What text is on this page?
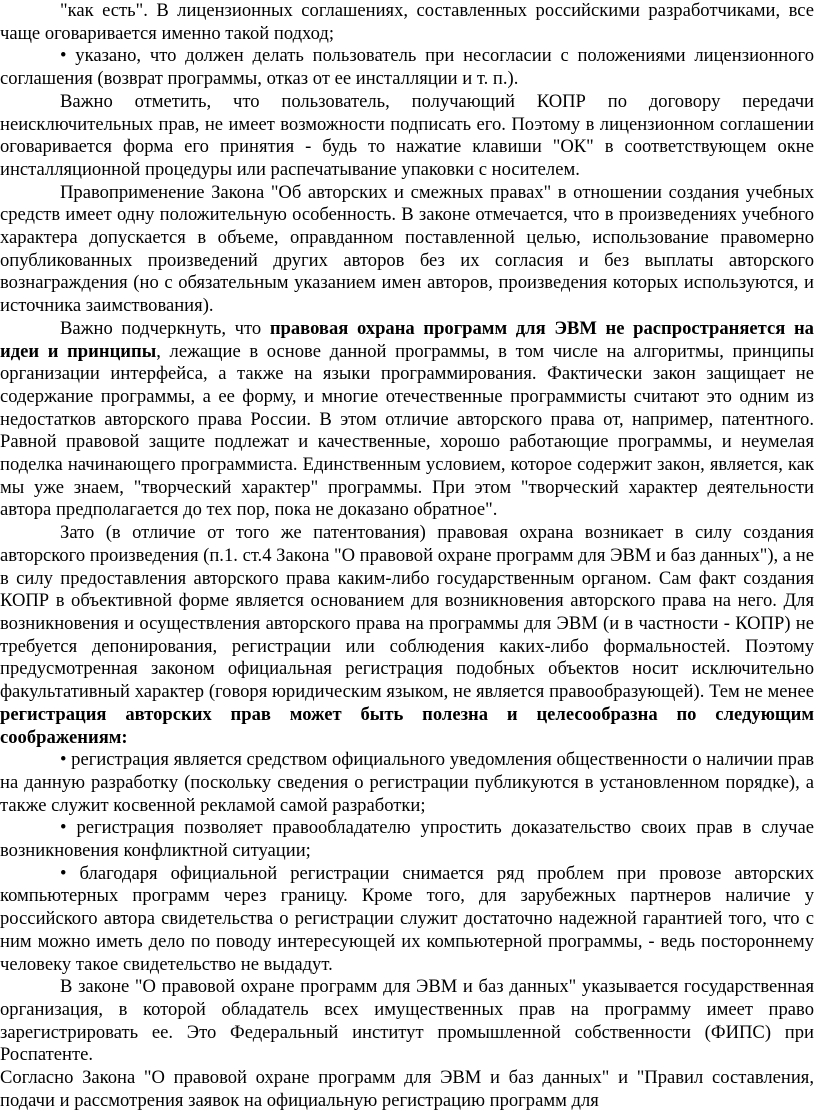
"как есть". В лицензионных соглашениях, составленных российскими разработчиками, все чаще оговаривается именно такой подход;

• указано, что должен делать пользователь при несогласии с положениями лицензионного соглашения (возврат программы, отказ от ее инсталляции и т. п.).

Важно отметить, что пользователь, получающий КОПР по договору передачи неисключительных прав, не имеет возможности подписать его. Поэтому в лицензионном соглашении оговаривается форма его принятия - будь то нажатие клавиши "ОК" в соответствующем окне инсталляционной процедуры или распечатывание упаковки с носителем.

Правоприменение Закона "Об авторских и смежных правах" в отношении создания учебных средств имеет одну положительную особенность. В законе отмечается, что в произведениях учебного характера допускается в объеме, оправданном поставленной целью, использование правомерно опубликованных произведений других авторов без их согласия и без выплаты авторского вознаграждения (но с обязательным указанием имен авторов, произведения которых используются, и источника заимствования).

Важно подчеркнуть, что правовая охрана программ для ЭВМ не распространяется на идеи и принципы, лежащие в основе данной программы, в том числе на алгоритмы, принципы организации интерфейса, а также на языки программирования. Фактически закон защищает не содержание программы, а ее форму, и многие отечественные программисты считают это одним из недостатков авторского права России. В этом отличие авторского права от, например, патентного. Равной правовой защите подлежат и качественные, хорошо работающие программы, и неумелая поделка начинающего программиста. Единственным условием, которое содержит закон, является, как мы уже знаем, "творческий характер" программы. При этом "творческий характер деятельности автора предполагается до тех пор, пока не доказано обратное".

Зато (в отличие от того же патентования) правовая охрана возникает в силу создания авторского произведения (п.1. ст.4 Закона "О правовой охране программ для ЭВМ и баз данных"), а не в силу предоставления авторского права каким-либо государственным органом. Сам факт создания КОПР в объективной форме является основанием для возникновения авторского права на него. Для возникновения и осуществления авторского права на программы для ЭВМ (и в частности - КОПР) не требуется депонирования, регистрации или соблюдения каких-либо формальностей. Поэтому предусмотренная законом официальная регистрация подобных объектов носит исключительно факультативный характер (говоря юридическим языком, не является правообразующей). Тем не менее регистрация авторских прав может быть полезна и целесообразна по следующим соображениям:

• регистрация является средством официального уведомления общественности о наличии прав на данную разработку (поскольку сведения о регистрации публикуются в установленном порядке), а также служит косвенной рекламой самой разработки;

• регистрация позволяет правообладателю упростить доказательство своих прав в случае возникновения конфликтной ситуации;

• благодаря официальной регистрации снимается ряд проблем при провозе авторских компьютерных программ через границу. Кроме того, для зарубежных партнеров наличие у российского автора свидетельства о регистрации служит достаточно надежной гарантией того, что с ним можно иметь дело по поводу интересующей их компьютерной программы, - ведь постороннему человеку такое свидетельство не выдадут.

В законе "О правовой охране программ для ЭВМ и баз данных" указывается государственная организация, в которой обладатель всех имущественных прав на программу имеет право зарегистрировать ее. Это Федеральный институт промышленной собственности (ФИПС) при Роспатенте.

Согласно Закона "О правовой охране программ для ЭВМ и баз данных" и "Правил составления, подачи и рассмотрения заявок на официальную регистрацию программ для
